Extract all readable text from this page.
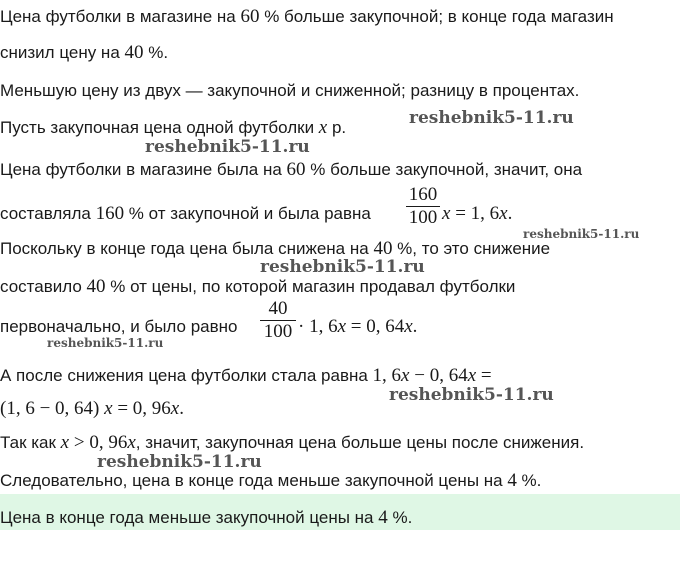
Цена футболки в магазине на 60 % больше закупочной; в конце года магазин
снизил цену на 40 %.
Меньшую цену из двух — закупочной и сниженной; разницу в процентах.
Пусть закупочная цена одной футболки x р.
Цена футболки в магазине была на 60 % больше закупочной, значит, она
составляла 160 % от закупочной и была равна
160
100 x = 1, 6x.
Поскольку в конце года цена была снижена на 40 %, то это снижение
составило 40 % от цены, по которой магазин продавал футболки
первоначально, и было равно
40
100 · 1, 6x = 0, 64x.
А после снижения цена футболки стала равна 1, 6x − 0, 64x =
(1, 6 − 0, 64) x = 0, 96x.
Так как x > 0, 96x, значит, закупочная цена больше цены после снижения.
Следовательно, цена в конце года меньше закупочной цены на 4 %.
Цена в конце года меньше закупочной цены на 4 %.
reshebnik5-11.ru
reshebnik5-11.ru
reshebnik5-11.ru
reshebnik5-11.ru
reshebnik5-11.ru
reshebnik5-11.ru
reshebnik5-11.ru
